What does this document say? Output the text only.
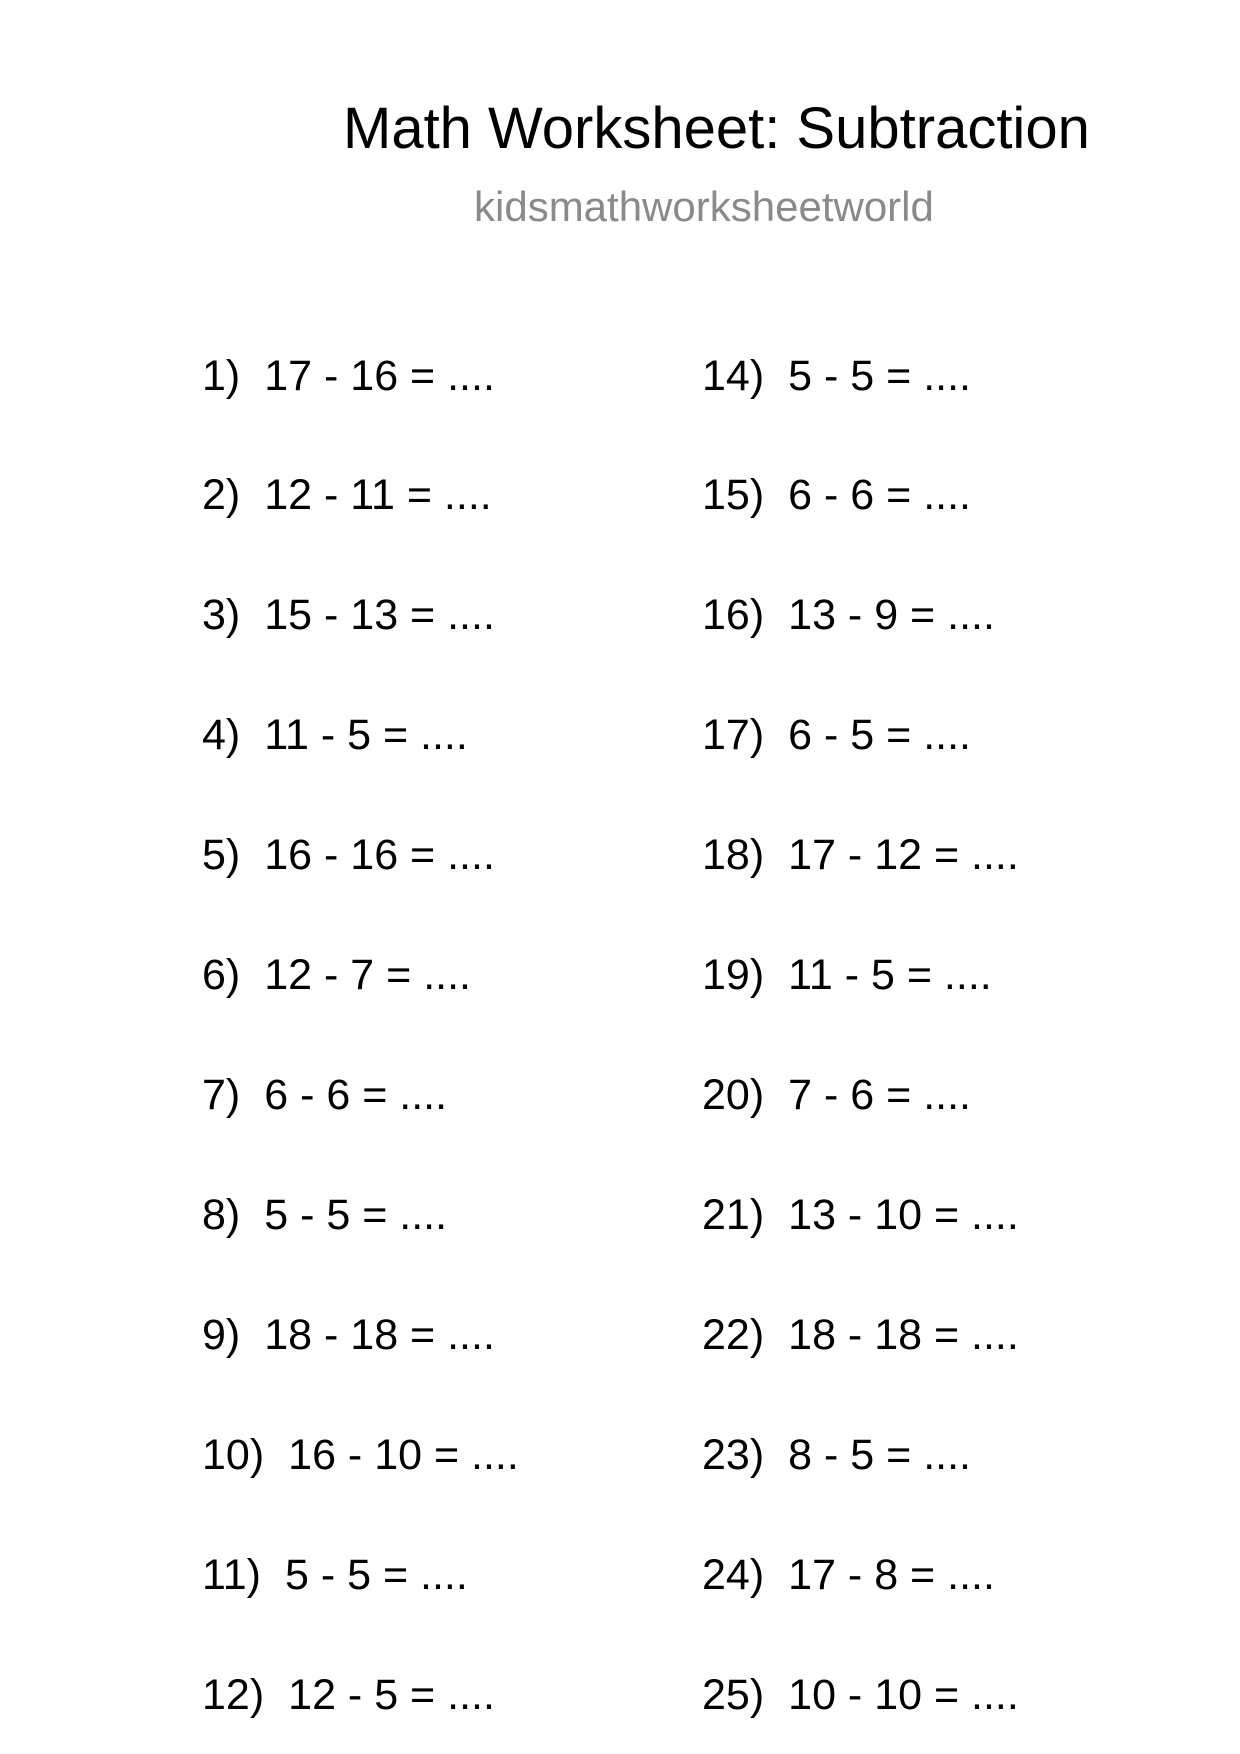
Math Worksheet: Subtraction
kidsmathworksheetworld
1) 17 - 16 = ....
2) 12 - 11 = ....
3) 15 - 13 = ....
4) 11 - 5 = ....
5) 16 - 16 = ....
6) 12 - 7 = ....
7) 6 - 6 = ....
8) 5 - 5 = ....
9) 18 - 18 = ....
10) 16 - 10 = ....
11) 5 - 5 = ....
12) 12 - 5 = ....
14) 5 - 5 = ....
15) 6 - 6 = ....
16) 13 - 9 = ....
17) 6 - 5 = ....
18) 17 - 12 = ....
19) 11 - 5 = ....
20) 7 - 6 = ....
21) 13 - 10 = ....
22) 18 - 18 = ....
23) 8 - 5 = ....
24) 17 - 8 = ....
25) 10 - 10 = ....
